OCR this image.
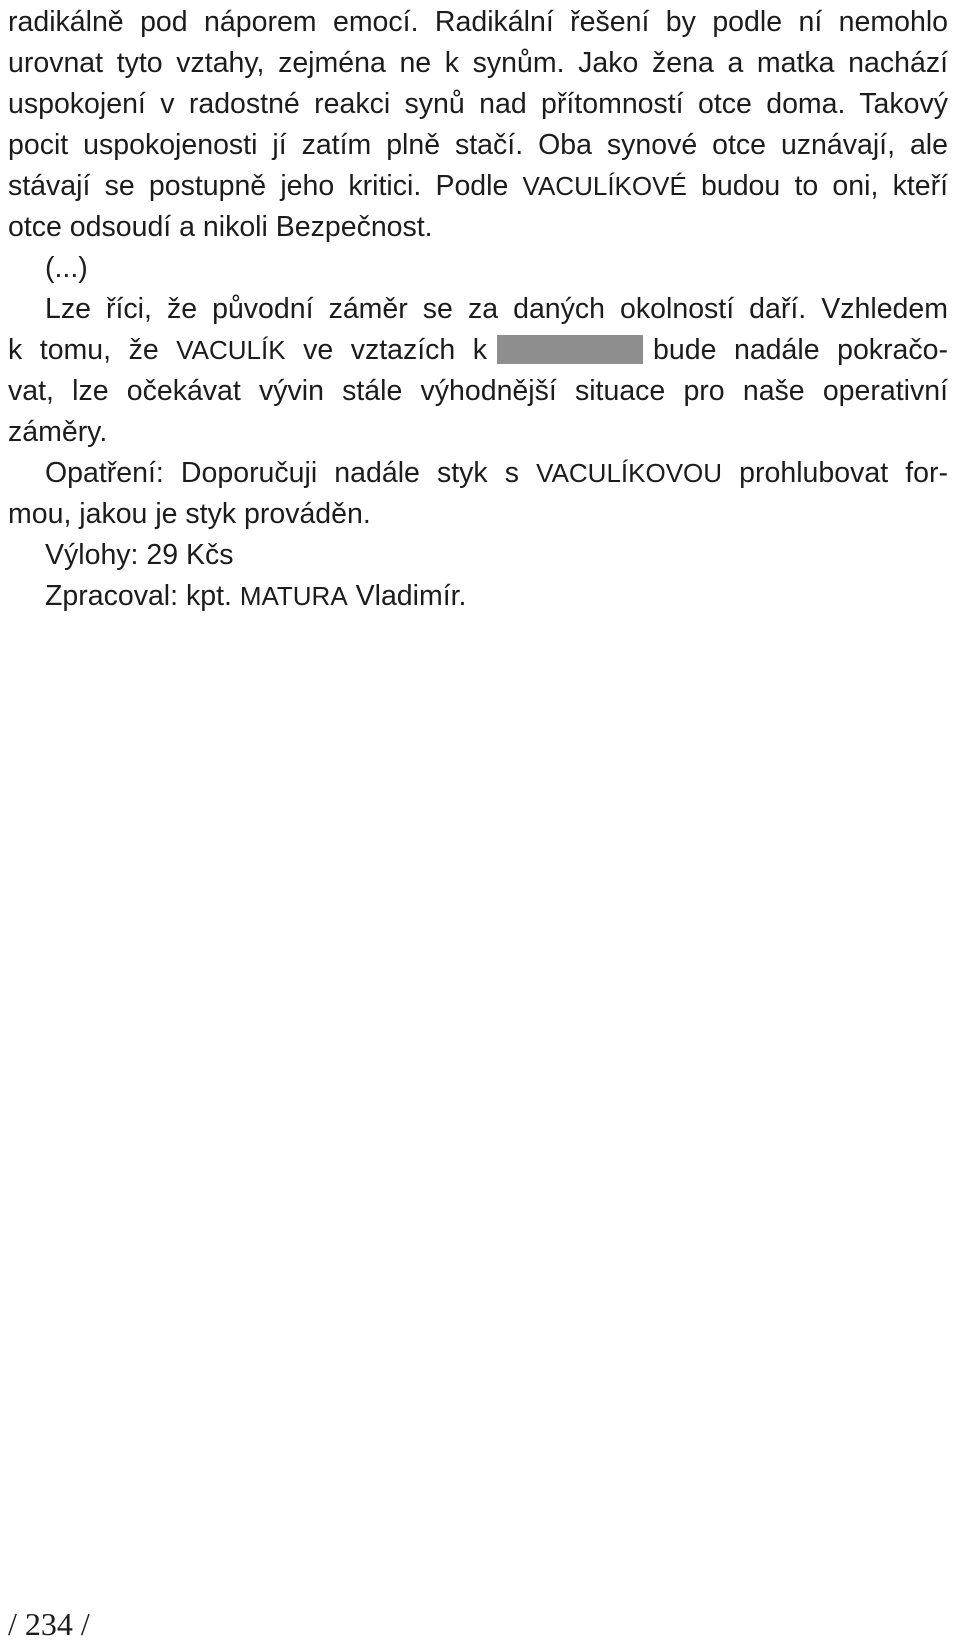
radikálně pod náporem emocí. Radikální řešení by podle ní nemohlo
urovnat tyto vztahy, zejména ne k synům. Jako žena a matka nachází
uspokojení v radostné reakci synů nad přítomností otce doma. Takový
pocit uspokojenosti jí zatím plně stačí. Oba synové otce uznávají, ale
stávají se postupně jeho kritici. Podle VACULÍKOVÉ budou to oni, kteří
otce odsoudí a nikoli Bezpečnost.
(...)
Lze říci, že původní záměr se za daných okolností daří. Vzhledem
k tomu, že VACULÍK ve vztazích k	bude nadále pokračo-
vat, lze očekávat vývin stále výhodnější situace pro naše operativní
záměry.
Opatření: Doporučuji nadále styk s VACULÍKOVOU prohlubovat for-
mou, jakou je styk prováděn.
Výlohy: 29 Kčs
Zpracoval: kpt. MATURA Vladimír.
/ 234 /
